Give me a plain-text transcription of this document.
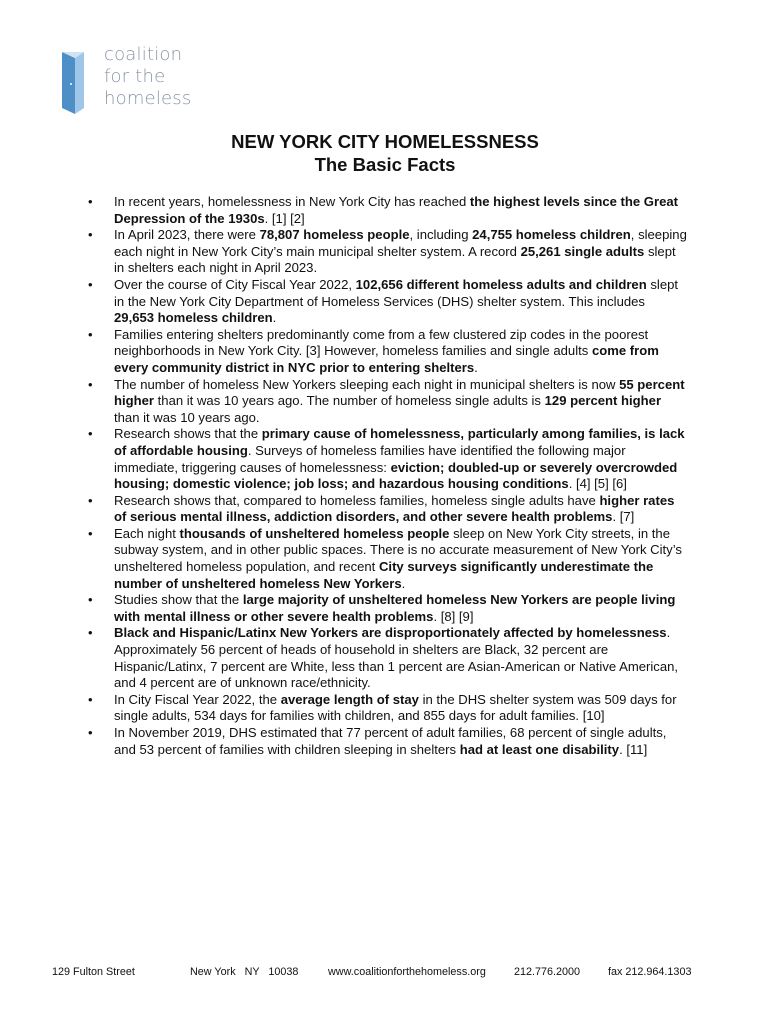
coalition
for the
homeless
NEW YORK CITY HOMELESSNESS
The Basic Facts
• In recent years, homelessness in New York City has reached the highest levels since the Great Depression of the 1930s. [1] [2]
• In April 2023, there were 78,807 homeless people, including 24,755 homeless children, sleeping each night in New York City’s main municipal shelter system. A record 25,261 single adults slept in shelters each night in April 2023.
• Over the course of City Fiscal Year 2022, 102,656 different homeless adults and children slept in the New York City Department of Homeless Services (DHS) shelter system. This includes 29,653 homeless children.
• Families entering shelters predominantly come from a few clustered zip codes in the poorest neighborhoods in New York City. [3] However, homeless families and single adults come from every community district in NYC prior to entering shelters.
• The number of homeless New Yorkers sleeping each night in municipal shelters is now 55 percent higher than it was 10 years ago. The number of homeless single adults is 129 percent higher than it was 10 years ago.
• Research shows that the primary cause of homelessness, particularly among families, is lack of affordable housing. Surveys of homeless families have identified the following major immediate, triggering causes of homelessness: eviction; doubled-up or severely overcrowded housing; domestic violence; job loss; and hazardous housing conditions. [4] [5] [6]
• Research shows that, compared to homeless families, homeless single adults have higher rates of serious mental illness, addiction disorders, and other severe health problems. [7]
• Each night thousands of unsheltered homeless people sleep on New York City streets, in the subway system, and in other public spaces. There is no accurate measurement of New York City’s unsheltered homeless population, and recent City surveys significantly underestimate the number of unsheltered homeless New Yorkers.
• Studies show that the large majority of unsheltered homeless New Yorkers are people living with mental illness or other severe health problems. [8] [9]
• Black and Hispanic/Latinx New Yorkers are disproportionately affected by homelessness. Approximately 56 percent of heads of household in shelters are Black, 32 percent are Hispanic/Latinx, 7 percent are White, less than 1 percent are Asian-American or Native American, and 4 percent are of unknown race/ethnicity.
• In City Fiscal Year 2022, the average length of stay in the DHS shelter system was 509 days for single adults, 534 days for families with children, and 855 days for adult families. [10]
• In November 2019, DHS estimated that 77 percent of adult families, 68 percent of single adults, and 53 percent of families with children sleeping in shelters had at least one disability. [11]
129 Fulton Street	New York   NY   10038	www.coalitionforthehomeless.org	212.776.2000	fax 212.964.1303
